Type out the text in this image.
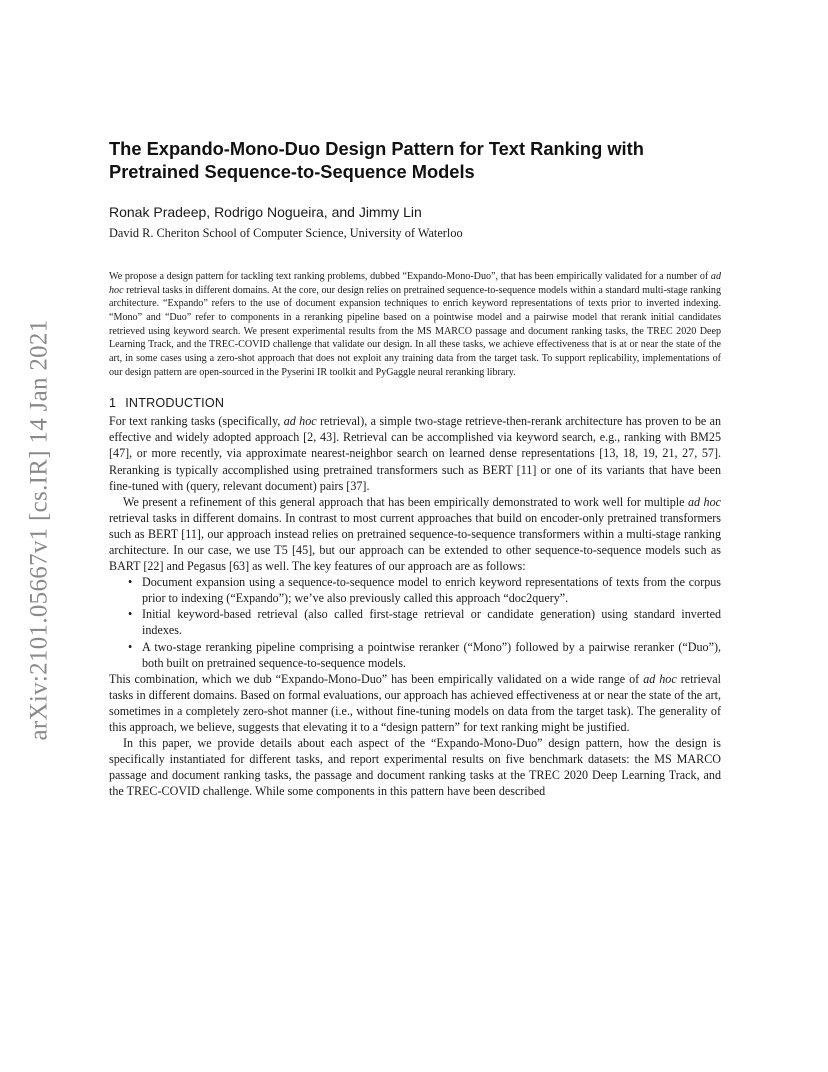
arXiv:2101.05667v1 [cs.IR] 14 Jan 2021
The Expando-Mono-Duo Design Pattern for Text Ranking with
Pretrained Sequence-to-Sequence Models
Ronak Pradeep, Rodrigo Nogueira, and Jimmy Lin
David R. Cheriton School of Computer Science, University of Waterloo
We propose a design pattern for tackling text ranking problems, dubbed “Expando-Mono-Duo”, that has been empirically validated for a number of ad hoc retrieval tasks in different domains. At the core, our design relies on pretrained sequence-to-sequence models within a standard multi-stage ranking architecture. “Expando” refers to the use of document expansion techniques to enrich keyword representations of texts prior to inverted indexing. “Mono” and “Duo” refer to components in a reranking pipeline based on a pointwise model and a pairwise model that rerank initial candidates retrieved using keyword search. We present experimental results from the MS MARCO passage and document ranking tasks, the TREC 2020 Deep Learning Track, and the TREC-COVID challenge that validate our design. In all these tasks, we achieve effectiveness that is at or near the state of the art, in some cases using a zero-shot approach that does not exploit any training data from the target task. To support replicability, implementations of our design pattern are open-sourced in the Pyserini IR toolkit and PyGaggle neural reranking library.
1 INTRODUCTION

For text ranking tasks (specifically, ad hoc retrieval), a simple two-stage retrieve-then-rerank architecture has proven to be an effective and widely adopted approach [2, 43]. Retrieval can be accomplished via keyword search, e.g., ranking with BM25 [47], or more recently, via approximate nearest-neighbor search on learned dense representations [13, 18, 19, 21, 27, 57]. Reranking is typically accomplished using pretrained transformers such as BERT [11] or one of its variants that have been fine-tuned with (query, relevant document) pairs [37].

We present a refinement of this general approach that has been empirically demonstrated to work well for multiple ad hoc retrieval tasks in different domains. In contrast to most current approaches that build on encoder-only pretrained transformers such as BERT [11], our approach instead relies on pretrained sequence-to-sequence transformers within a multi-stage ranking architecture. In our case, we use T5 [45], but our approach can be extended to other sequence-to-sequence models such as BART [22] and Pegasus [63] as well. The key features of our approach are as follows:

• Document expansion using a sequence-to-sequence model to enrich keyword representations of texts from the corpus prior to indexing (“Expando”); we’ve also previously called this approach “doc2query”.
• Initial keyword-based retrieval (also called first-stage retrieval or candidate generation) using standard inverted indexes.
• A two-stage reranking pipeline comprising a pointwise reranker (“Mono”) followed by a pairwise reranker (“Duo”), both built on pretrained sequence-to-sequence models.

This combination, which we dub “Expando-Mono-Duo” has been empirically validated on a wide range of ad hoc retrieval tasks in different domains. Based on formal evaluations, our approach has achieved effectiveness at or near the state of the art, sometimes in a completely zero-shot manner (i.e., without fine-tuning models on data from the target task). The generality of this approach, we believe, suggests that elevating it to a “design pattern” for text ranking might be justified.

In this paper, we provide details about each aspect of the “Expando-Mono-Duo” design pattern, how the design is specifically instantiated for different tasks, and report experimental results on five benchmark datasets: the MS MARCO passage and document ranking tasks, the passage and document ranking tasks at the TREC 2020 Deep Learning Track, and the TREC-COVID challenge. While some components in this pattern have been described
